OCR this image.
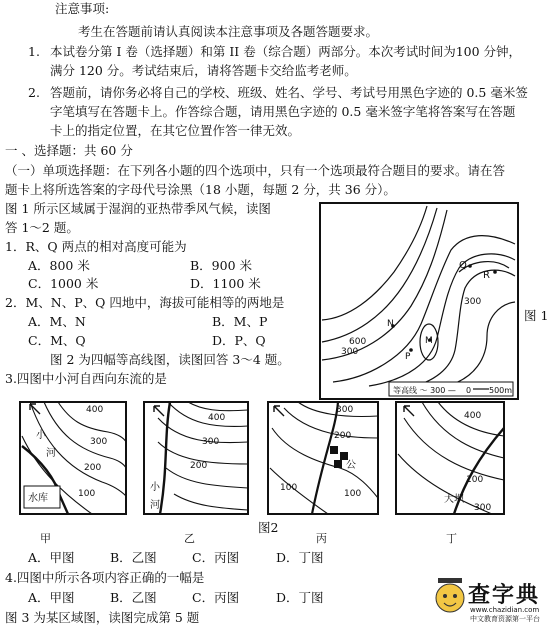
注意事项:
考生在答题前请认真阅读本注意事项及各题答题要求。
1. 本试卷分第 I 卷（选择题）和第 II 卷（综合题）两部分。本次考试时间为100 分钟，
满分 120 分。考试结束后，请将答题卡交给监考老师。
2. 答题前，请你务必将自己的学校、班级、姓名、学号、考试号用黑色字迹的 0.5 毫米签
字笔填写在答题卡上。作答综合题，请用黑色字迹的 0.5 毫米签字笔将答案写在答题
卡上的指定位置，在其它位置作答一律无效。
一 、选择题：共 60 分
（一）单项选择题：在下列各小题的四个选项中，只有一个选项最符合题目的要求。请在答
题卡上将所选答案的字母代号涂黑（18 小题，每题 2 分，共 36 分）。
图 1 所示区域属于湿润的亚热带季风气候，读图
答 1～2 题。
1．R、Q 两点的相对高度可能为
A．800 米	B．900 米
C．1000 米	D．1100 米
2．M、N、P、Q 四地中，海拔可能相等的两地是
A．M、N	B．M、P
C．M、Q	D．P、Q
图 2 为四幅等高线图，读图回答 3～4 题。
3.四图中小河自西向东流的是
Q
R
N
M
P
600
300
300
等高线 ～ 300 — 0 500m
图 1
400
300
200
100
小
河
水库
400
300
200
小
河
300
200
100
100
公
400
100
300
大坝
甲	乙	丙	丁
图2
A．甲图	B．乙图	C．丙图	D．丁图
4.四图中所示各项内容正确的一幅是
A．甲图	B．乙图	C．丙图	D．丁图
图 3 为某区域图，读图完成第 5 题
查字典
www.chazidian.com
中文教育资源第一平台
